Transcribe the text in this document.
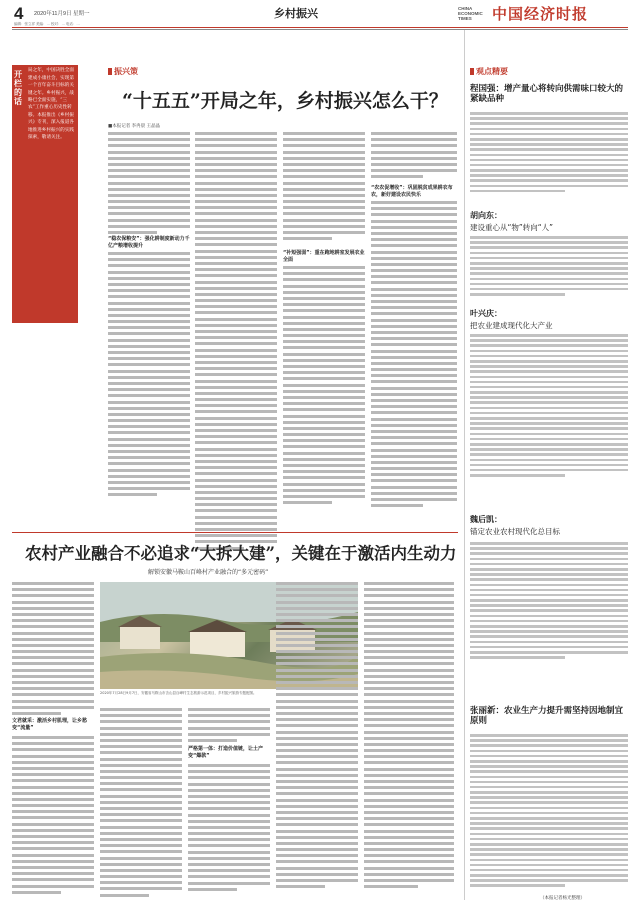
4 2020年11月9日 星期一	乡村振兴
编辑：张立祥 美编：… 校对：… 电话：…
CHINA ECONOMIC TIMES	中国经济时报
开栏的话
2020年是“十三五”开局之年，中国决胜全面建成小康社会，实现第一个百年奋斗目标的关键之年。乡村振兴，战略已全面实施，“三农”工作重心历史性转移。本报推出《乡村振兴》专刊，深入报道各地推进乡村振兴的实践探索，敬请关注。
振兴策
“十五五”开局之年，乡村振兴怎么干？
■本报记者 李冉晨 王晶晶
“稳农保粮安”：强化耕制度新动力千亿产粮增收提升
“补短强弱”：重在跑地耕室发展农业全面
“农农促增收”：巩固脱贫成果耕农布农，新好建设农民快乐
农村产业融合不必追求“大拆大建”，关键在于激活内生动力
解锁安徽马鞍山百峰村产业融合的“多元密码”
文君就采：激活乡村肌理，让乡愁变“流量”
2020年7月28日9月7日，安徽省马鞍山市含山县百峰村生态旅游示范项目，乡村振兴旅游专题配图。
严格第一体：打造价值链，让土产变“爆款”
观点精要
程国强：增产量心将转向供需味口较大的紧缺品种
胡向东：
建设重心从“物”转向“人”
叶兴庆：
把农业建成现代化大产业
魏后凯：
锚定农业农村现代化总目标
张丽新：农业生产力提升需坚持因地制宜原则
（本报记者杨光整理）
